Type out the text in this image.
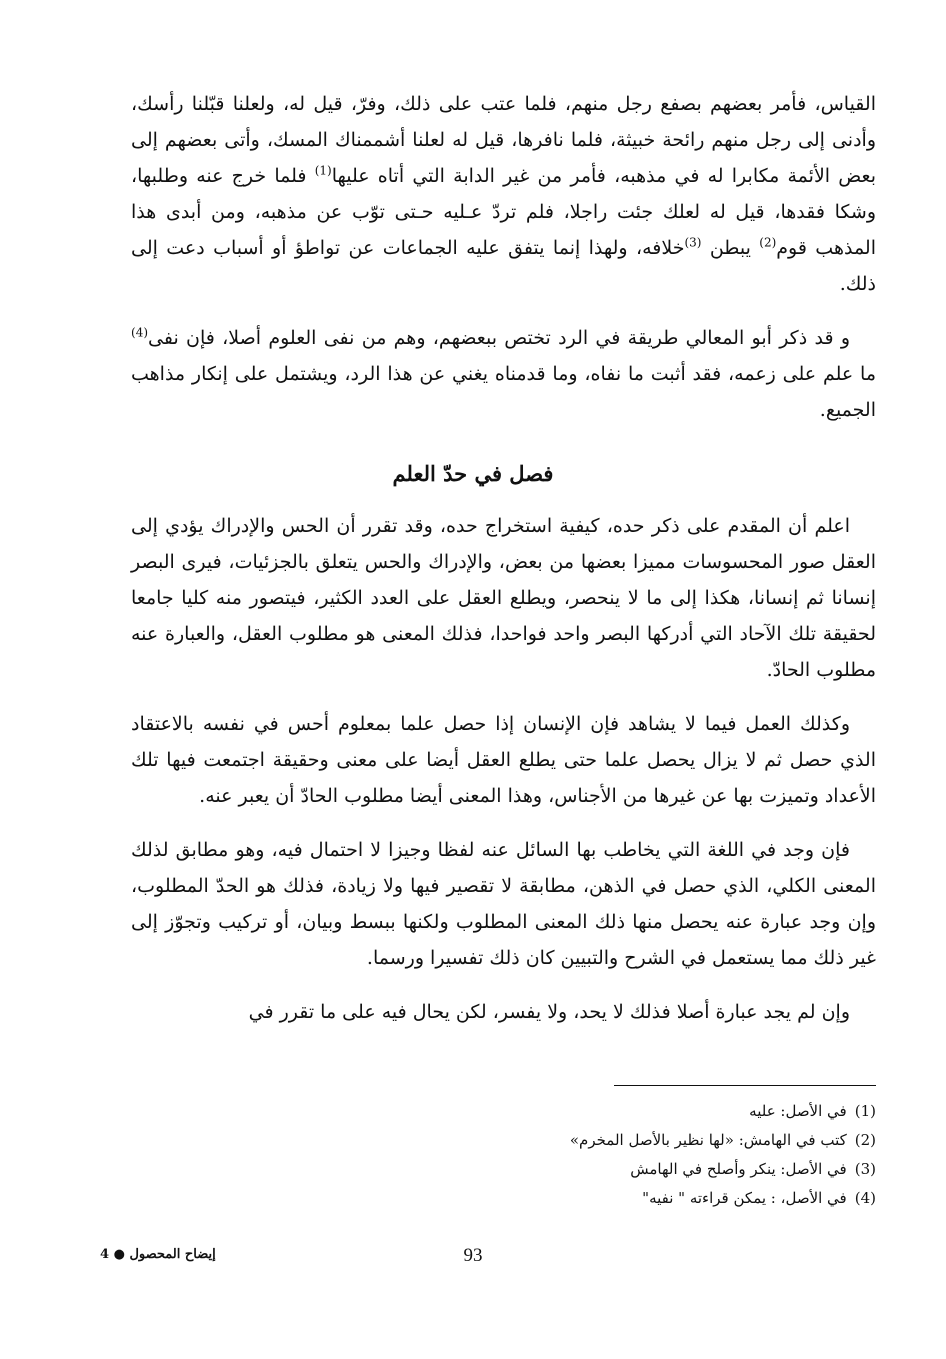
القياس، فأمر بعضهم بصفع رجل منهم، فلما عتب على ذلك، وفرّ، قيل له، ولعلنا قبّلنا رأسك، وأدنى إلى رجل منهم رائحة خبيثة، فلما نافرها، قيل له لعلنا أشممناك المسك، وأتى بعضهم إلى بعض الأئمة مكابرا له في مذهبه، فأمر من غير الدابة التي أتاه عليها$^{(1)}$ فلما خرج عنه وطلبها، وشكا فقدها، قيل له لعلك جئت راجلا، فلم تردّ عـليه حـتى توّب عن مذهبه، ومن أبدى هذا المذهب قوم$^{(2)}$ يبطن $^{(3)}$خلافه، ولهذا إنما يتفق عليه الجماعات عن تواطؤ أو أسباب دعت إلى ذلك.

و قد ذكر أبو المعالي طريقة في الرد تختص ببعضهم، وهم من نفى العلوم أصلا، فإن نفى$^{(4)}$ ما علم على زعمه، فقد أثبت ما نفاه، وما قدمناه يغني عن هذا الرد، ويشتمل على إنكار مذاهب الجميع.

فصل في حدّ العلم

اعلم أن المقدم على ذكر حده، كيفية استخراج حده، وقد تقرر أن الحس والإدراك يؤدي إلى العقل صور المحسوسات مميزا بعضها من بعض، والإدراك والحس يتعلق بالجزئيات، فيرى البصر إنسانا ثم إنسانا، هكذا إلى ما لا ينحصر، ويطلع العقل على العدد الكثير، فيتصور منه كليا جامعا لحقيقة تلك الآحاد التي أدركها البصر واحد فواحدا، فذلك المعنى هو مطلوب العقل، والعبارة عنه مطلوب الحادّ.

وكذلك العمل فيما لا يشاهد فإن الإنسان إذا حصل علما بمعلوم أحس في نفسه بالاعتقاد الذي حصل ثم لا يزال يحصل علما حتى يطلع العقل أيضا على معنى وحقيقة اجتمعت فيها تلك الأعداد وتميزت بها عن غيرها من الأجناس، وهذا المعنى أيضا مطلوب الحادّ أن يعبر عنه.

فإن وجد في اللغة التي يخاطب بها السائل عنه لفظا وجيزا لا احتمال فيه، وهو مطابق لذلك المعنى الكلي، الذي حصل في الذهن، مطابقة لا تقصير فيها ولا زيادة، فذلك هو الحدّ المطلوب، وإن وجد عبارة عنه يحصل منها ذلك المعنى المطلوب ولكنها ببسط وبيان، أو تركيب وتجوّز إلى غير ذلك مما يستعمل في الشرح والتبيين كان ذلك تفسيرا ورسما.

وإن لم يجد عبارة أصلا فذلك لا يحد، ولا يفسر، لكن يحال فيه على ما تقرر في

(1)في الأصل: عليه
(2)كتب في الهامش: «لها نظير بالأصل المخرم»
(3)في الأصل: ينكر وأصلح في الهامش
(4)في الأصل، : يمكن قراءته " نفيه"
93
إيضاح المحصول ● 4
